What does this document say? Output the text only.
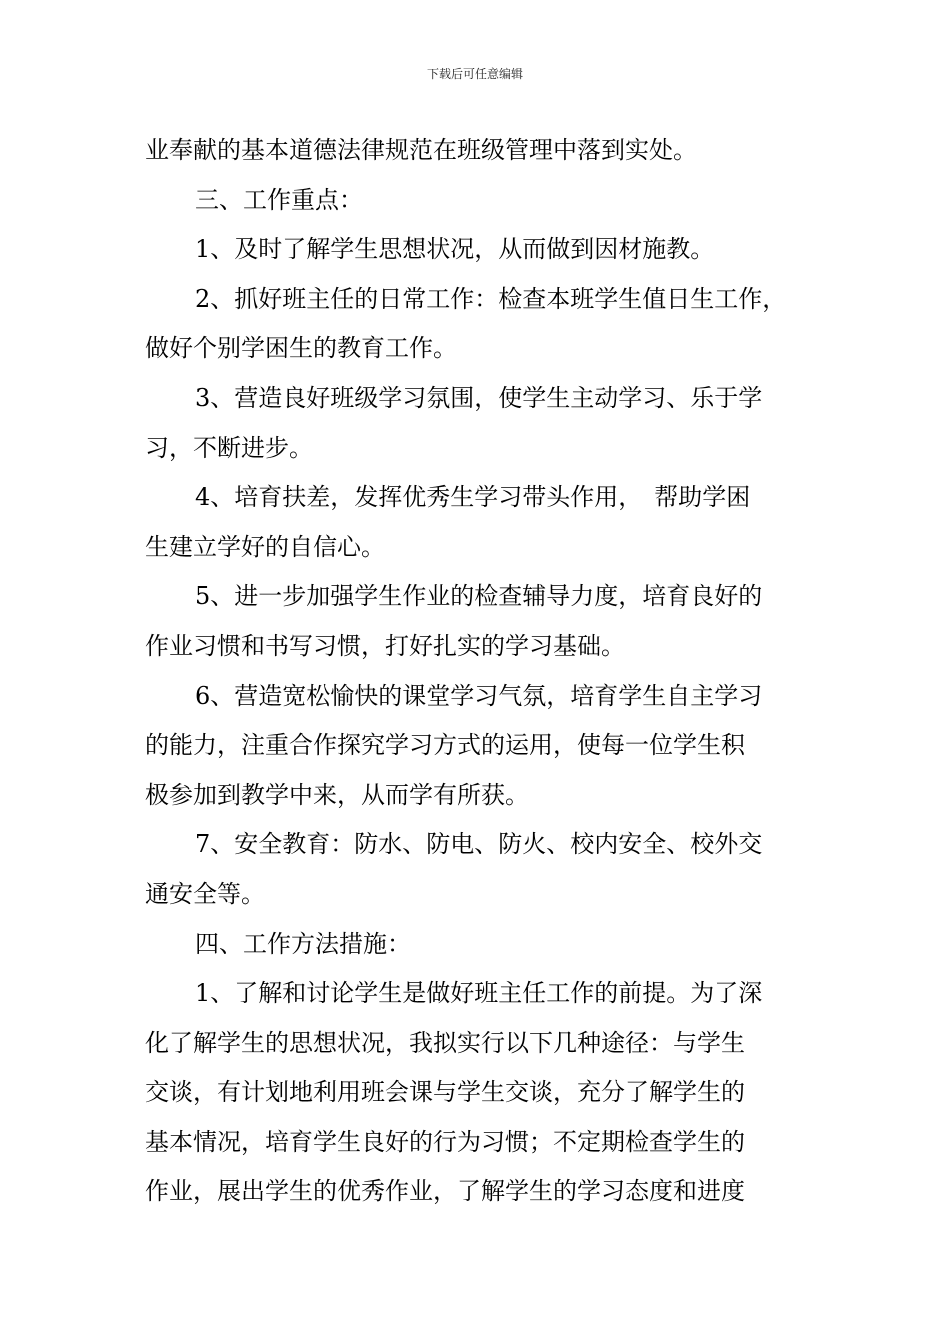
下载后可任意编辑
业奉献的基本道德法律规范在班级管理中落到实处。
三、工作重点：
1、及时了解学生思想状况，从而做到因材施教。
2、抓好班主任的日常工作：检查本班学生值日生工作，
做好个别学困生的教育工作。
3、营造良好班级学习氛围，使学生主动学习、乐于学
习，不断进步。
4、培育扶差，发挥优秀生学习带头作用，　帮助学困
生建立学好的自信心。
5、进一步加强学生作业的检查辅导力度，培育良好的
作业习惯和书写习惯，打好扎实的学习基础。
6、营造宽松愉快的课堂学习气氛，培育学生自主学习
的能力，注重合作探究学习方式的运用，使每一位学生积
极参加到教学中来，从而学有所获。
7、安全教育：防水、防电、防火、校内安全、校外交
通安全等。
四、工作方法措施：
1、了解和讨论学生是做好班主任工作的前提。为了深
化了解学生的思想状况，我拟实行以下几种途径：与学生
交谈，有计划地利用班会课与学生交谈，充分了解学生的
基本情况，培育学生良好的行为习惯；不定期检查学生的
作业，展出学生的优秀作业，了解学生的学习态度和进度
